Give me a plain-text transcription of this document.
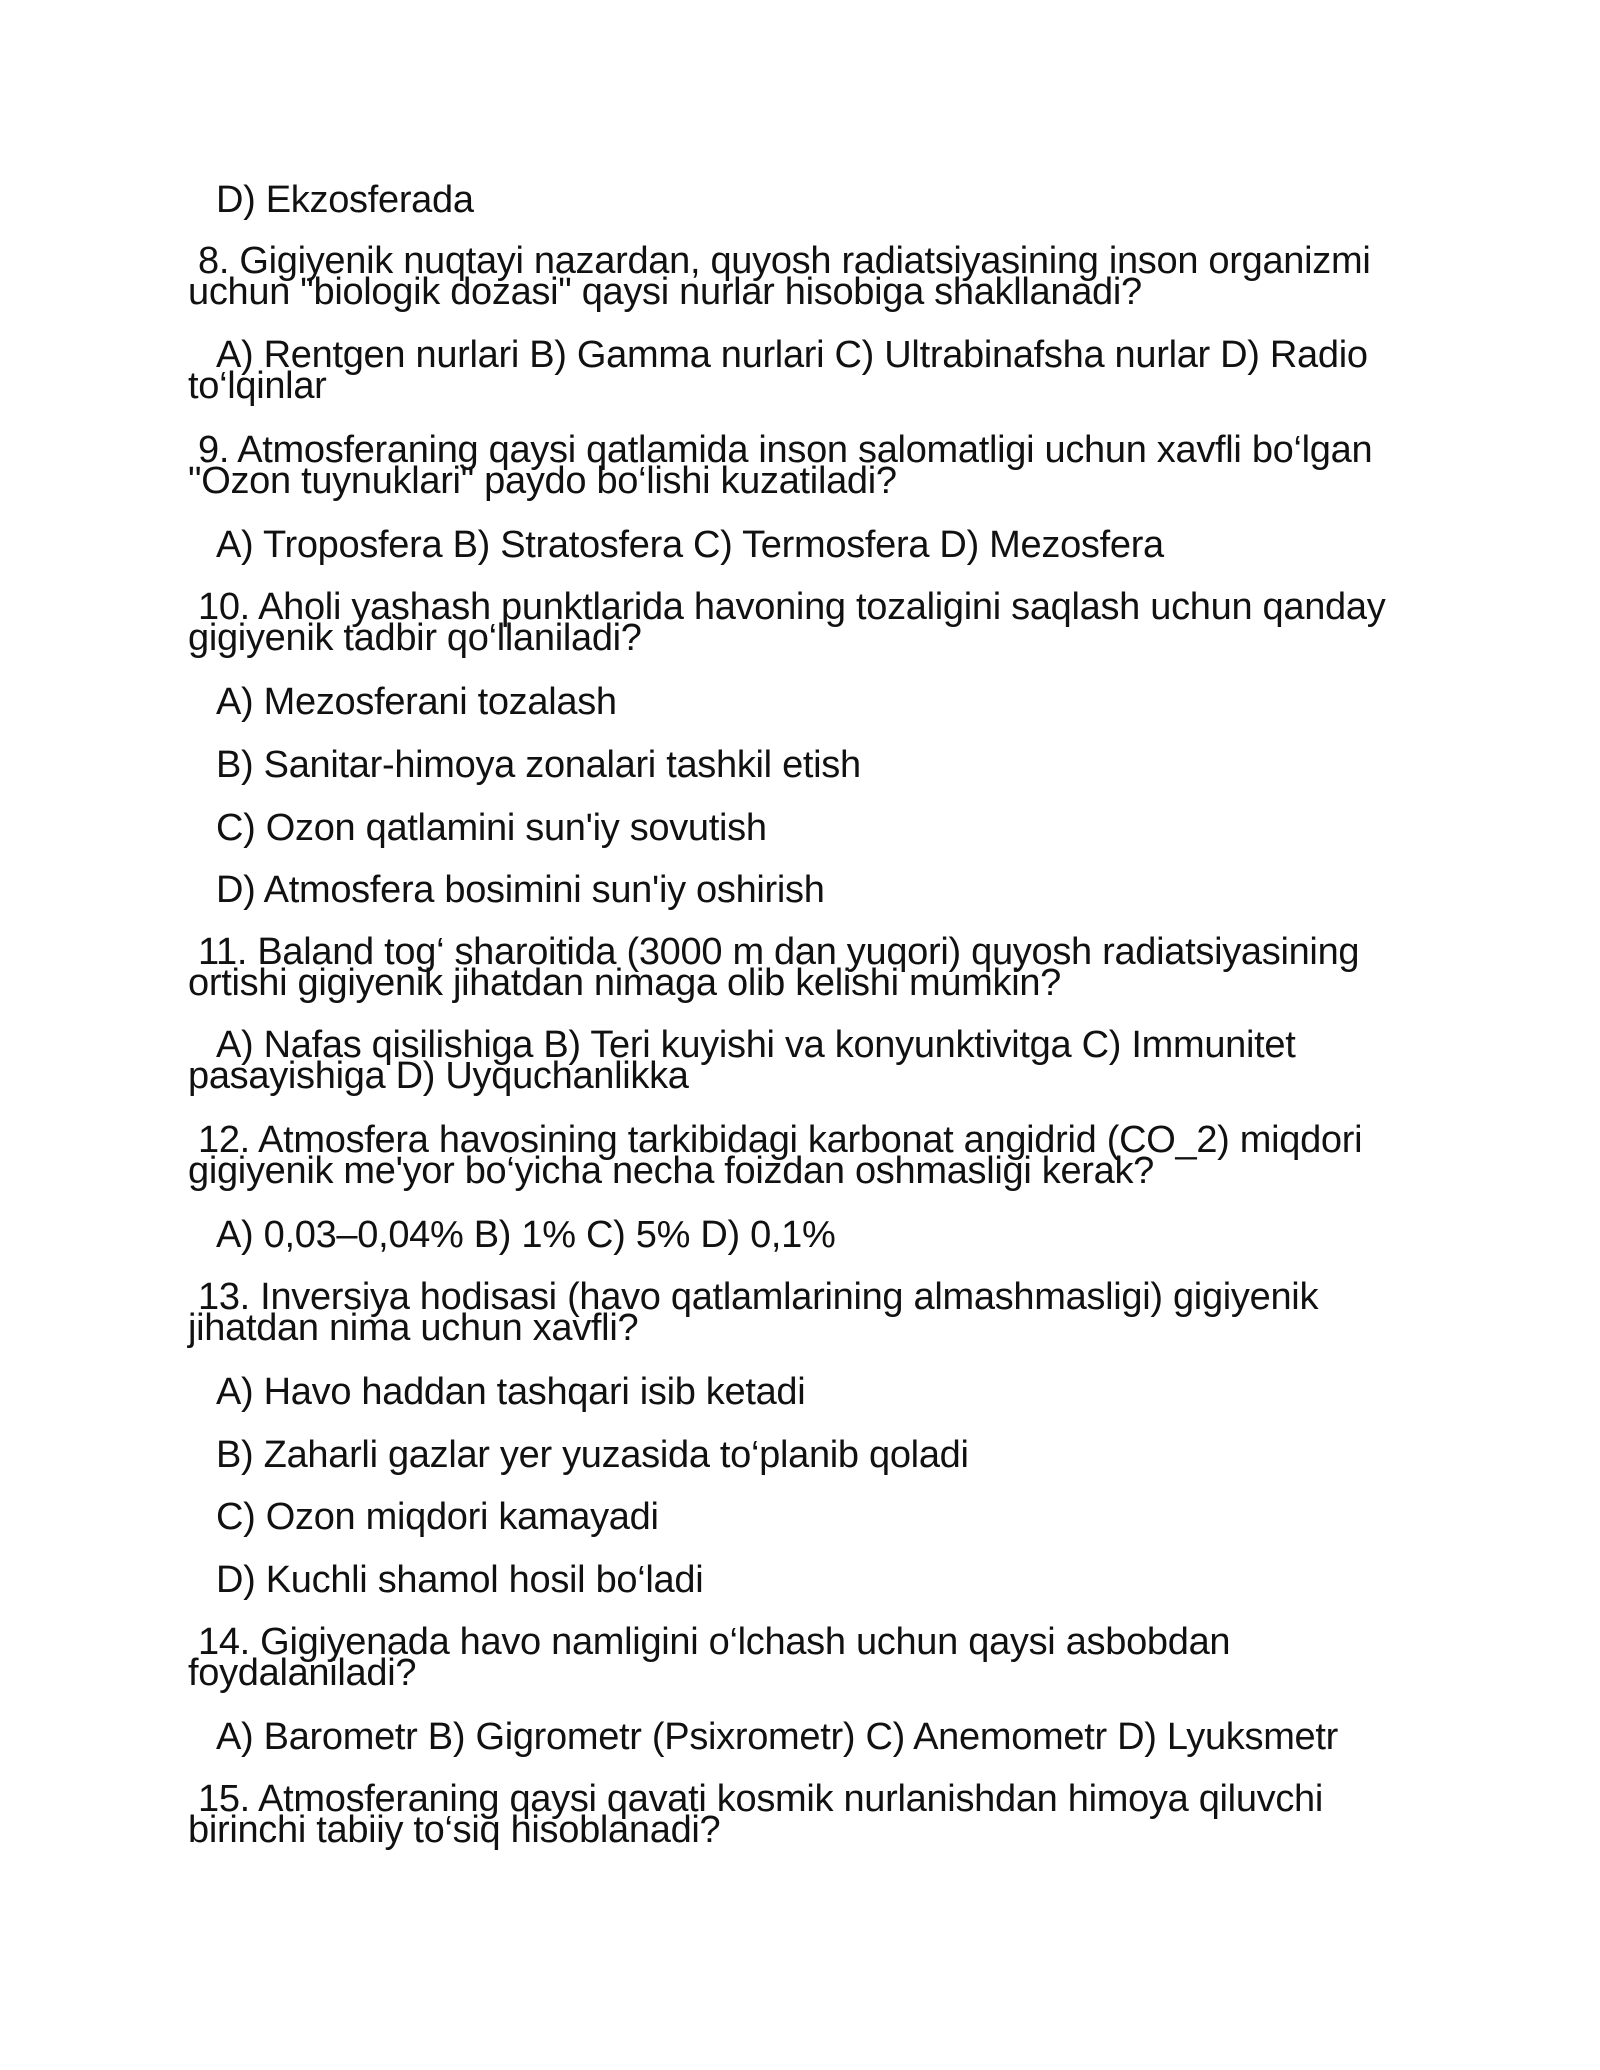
D) Ekzosferada
8. Gigiyenik nuqtayi nazardan, quyosh radiatsiyasining inson organizmi
uchun "biologik dozasi" qaysi nurlar hisobiga shakllanadi?
A) Rentgen nurlari B) Gamma nurlari C) Ultrabinafsha nurlar D) Radio
to‘lqinlar
9. Atmosferaning qaysi qatlamida inson salomatligi uchun xavfli bo‘lgan
"Ozon tuynuklari" paydo bo‘lishi kuzatiladi?
A) Troposfera B) Stratosfera C) Termosfera D) Mezosfera
10. Aholi yashash punktlarida havoning tozaligini saqlash uchun qanday
gigiyenik tadbir qo‘llaniladi?
A) Mezosferani tozalash
B) Sanitar-himoya zonalari tashkil etish
C) Ozon qatlamini sun'iy sovutish
D) Atmosfera bosimini sun'iy oshirish
11. Baland tog‘ sharoitida (3000 m dan yuqori) quyosh radiatsiyasining
ortishi gigiyenik jihatdan nimaga olib kelishi mumkin?
A) Nafas qisilishiga B) Teri kuyishi va konyunktivitga C) Immunitet
pasayishiga D) Uyquchanlikka
12. Atmosfera havosining tarkibidagi karbonat angidrid (CO_2) miqdori
gigiyenik me'yor bo‘yicha necha foizdan oshmasligi kerak?
A) 0,03–0,04% B) 1% C) 5% D) 0,1%
13. Inversiya hodisasi (havo qatlamlarining almashmasligi) gigiyenik
jihatdan nima uchun xavfli?
A) Havo haddan tashqari isib ketadi
B) Zaharli gazlar yer yuzasida to‘planib qoladi
C) Ozon miqdori kamayadi
D) Kuchli shamol hosil bo‘ladi
14. Gigiyenada havo namligini o‘lchash uchun qaysi asbobdan
foydalaniladi?
A) Barometr B) Gigrometr (Psixrometr) C) Anemometr D) Lyuksmetr
15. Atmosferaning qaysi qavati kosmik nurlanishdan himoya qiluvchi
birinchi tabiiy to‘siq hisoblanadi?
